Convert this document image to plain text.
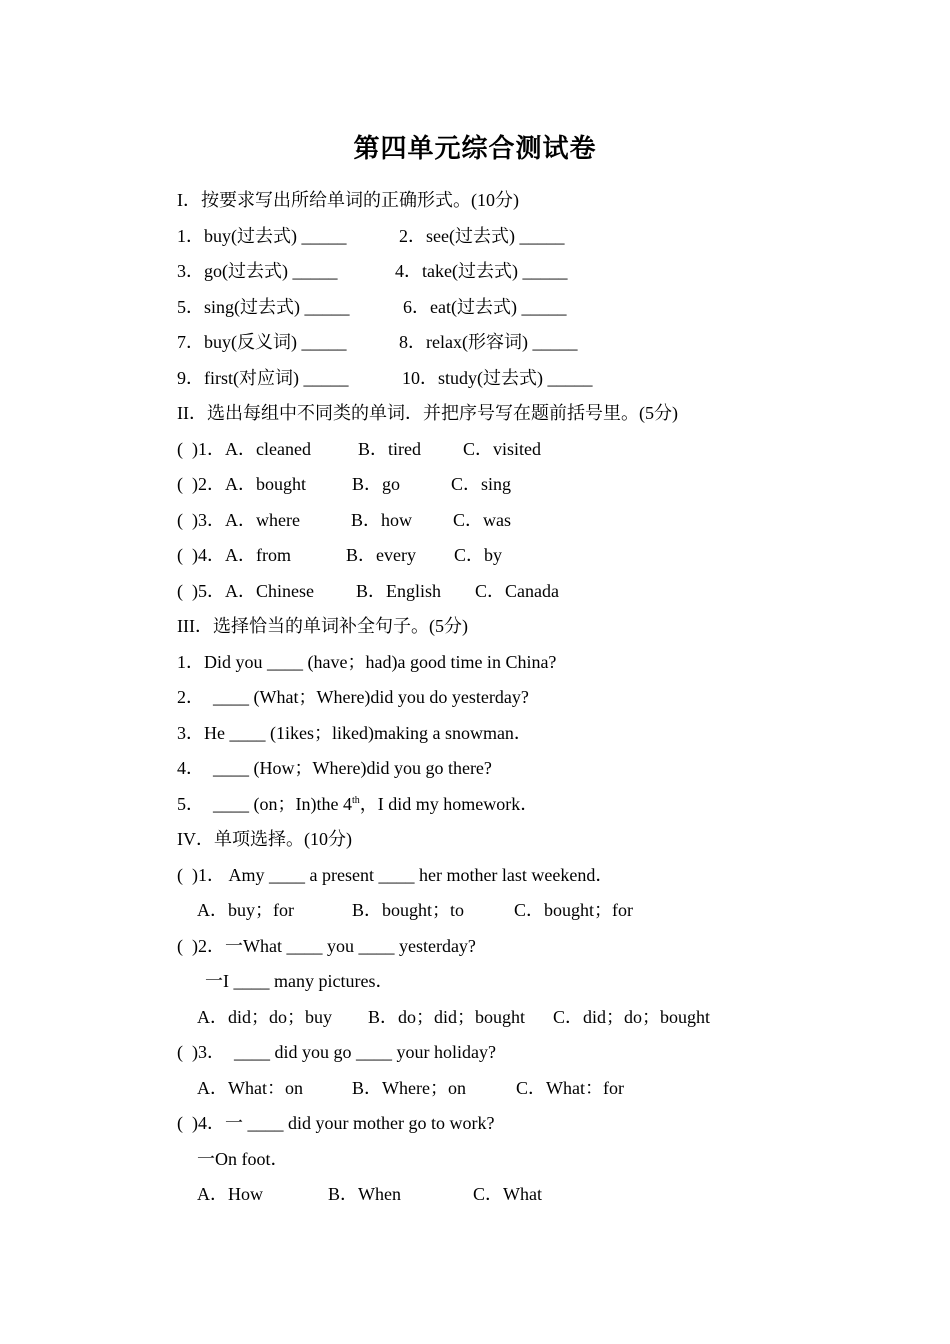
第四单元综合测试卷
I．按要求写出所给单词的正确形式。(10分)

1．buy(过去式) _____

	2．see(过去式) _____

3．go(过去式) _____

	4．take(过去式) _____

5．sing(过去式) _____

	6．eat(过去式) _____

7．buy(反义词) _____

	8．relax(形容词) _____

9．first(对应词) _____

	10．study(过去式) _____

II．选出每组中不同类的单词．并把序号写在题前括号里。(5分)

(  )1．A．cleaned

	B．tired

C．visited

(  )2．A．bought

	B．go

	C．sing

(  )3．A．where

	B．how

C．was

(  )4．A．from

	B．every

C．by

(  )5．A．Chinese

B．English

C．Canada

III．选择恰当的单词补全句子。(5分)
1．Did you ____ (have；had)a good time in China?
2．  ____ (What；Where)did you do yesterday?
3．He ____ (1ikes；liked)making a snowman．
4．  ____ (How；Where)did you go there?
5．  ____ (on；In)the 4th，I did my homework．
IV．单项选择。(10分)
(  )1． Amy ____ a present ____ her mother last weekend．

A．buy；for

	B．bought；to

	C．bought；for

(  )2．一What ____ you ____ yesterday?
一I ____ many pictures．

A．did；do；buy

B．do；did；bought

C．did；do；bought

(  )3．  ____ did you go ____ your holiday?

A．What：on

	B．Where；on

	C．What：for

(  )4．一 ____ did your mother go to work?
一On foot．

A．How

	B．When

	C．What
